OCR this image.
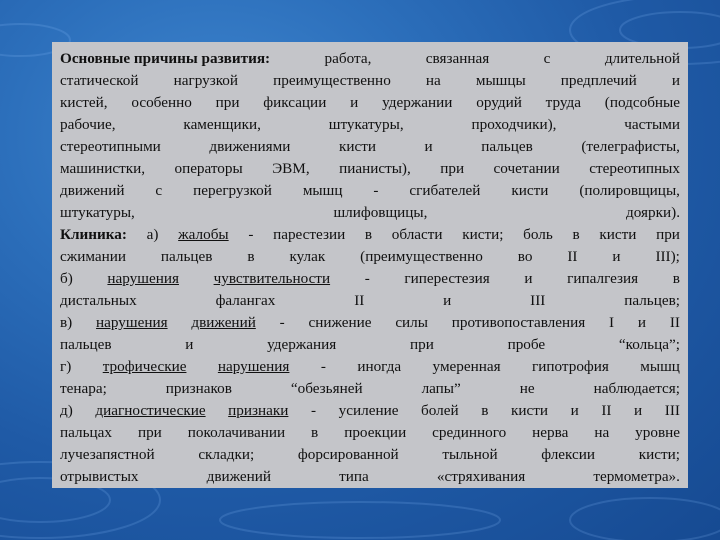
Основные причины развития:	работа,	связанная	с	длительной
статической нагрузкой преимущественно на мышцы предплечий и
кистей, особенно при фиксации и удержании орудий труда (подсобные
рабочие,	каменщики,	штукатуры,	проходчики),	частыми
стереотипными	движениями	кисти	и	пальцев	(телеграфисты,
машинистки, операторы ЭВМ, пианисты), при сочетании стереотипных
движений с перегрузкой мышц - сгибателей кисти (полировщицы,
штукатуры,	шлифовщицы,	доярки).
Клиника: а) жалобы - парестезии в области кисти; боль в кисти при
сжимании пальцев в кулак (преимущественно во II и III);
б) нарушения чувствительности - гиперестезия и гипалгезия в
дистальных	фалангах	II	и	III	пальцев;
в) нарушения движений - снижение силы противопоставления I и II
пальцев	и	удержания	при	пробе	“кольца”;
г) трофические нарушения - иногда умеренная гипотрофия мышц
тенара;	признаков	“обезьяней	лапы”	не	наблюдается;
д) диагностические признаки - усиление болей в кисти и II и III
пальцах при поколачивании в проекции срединного нерва на уровне
лучезапястной	складки;	форсированной	тыльной	флексии	кисти;
отрывистых	движений	типа	«стряхивания	термометра».
